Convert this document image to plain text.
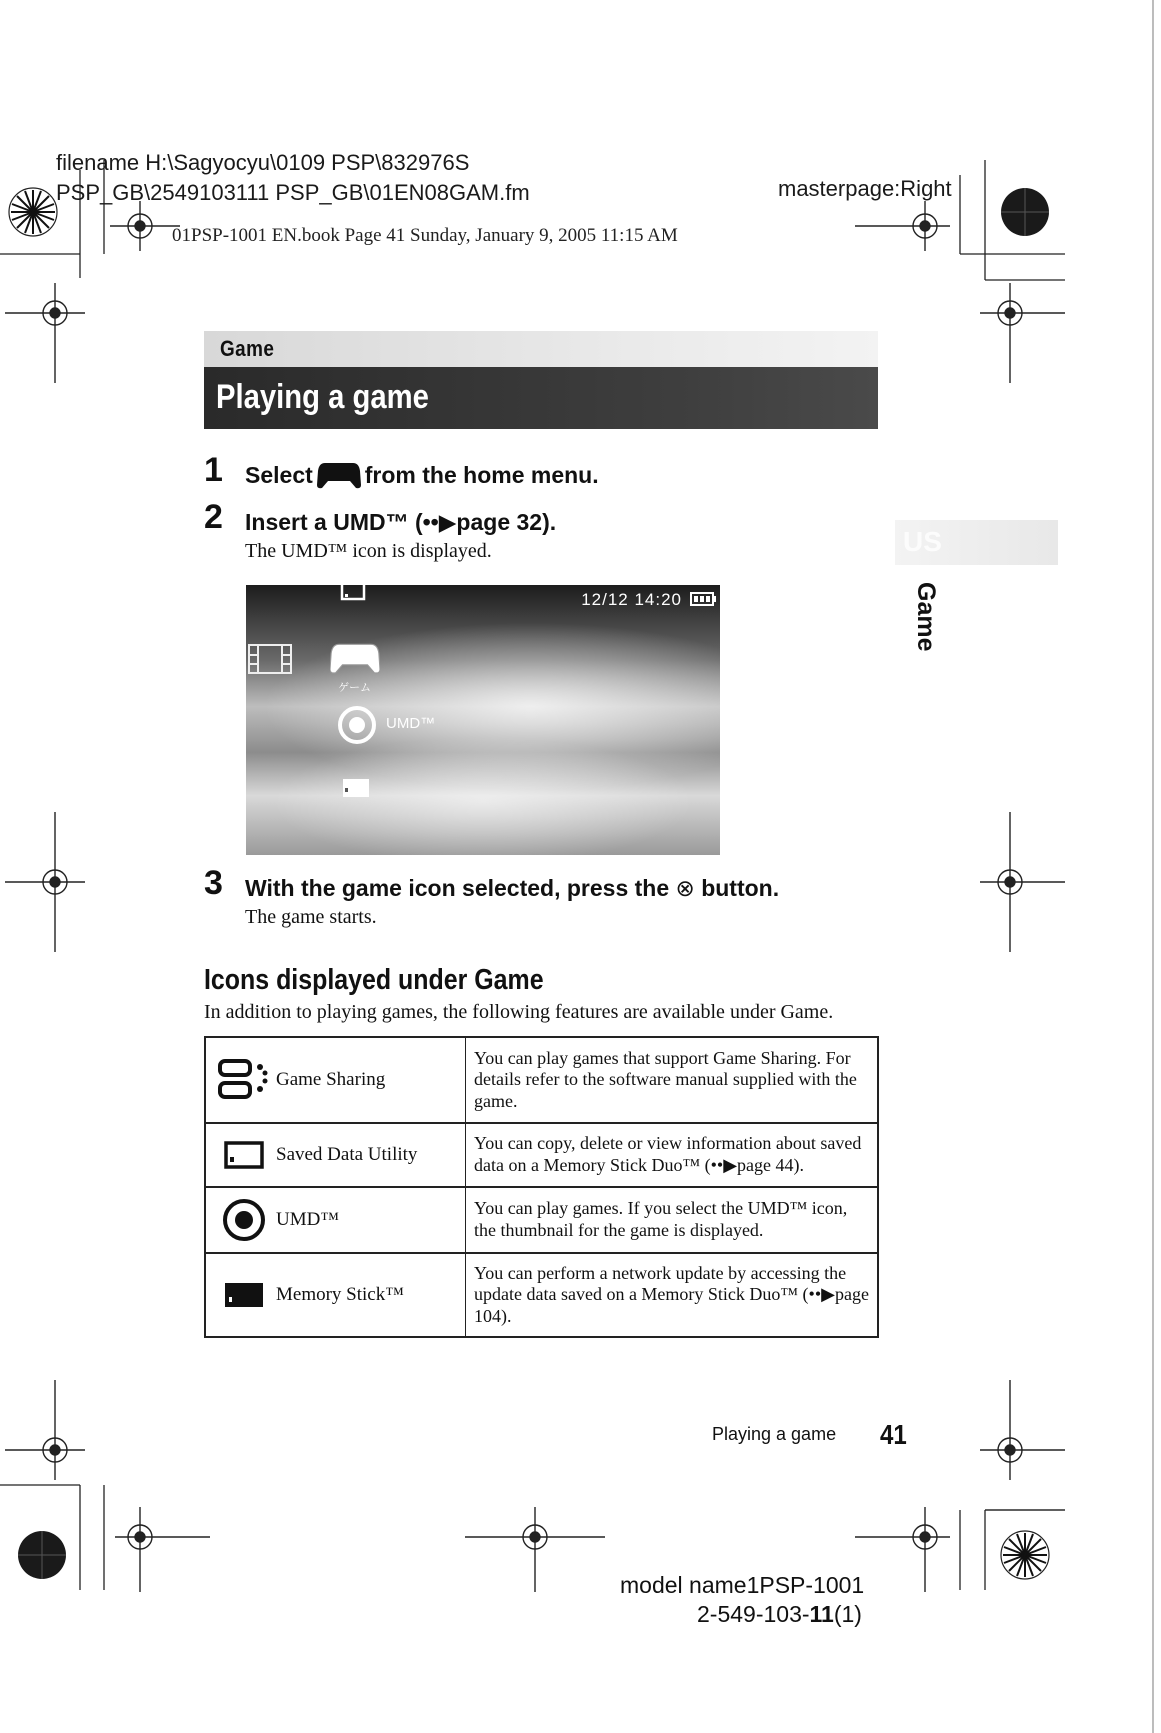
filename H:\Sagyocyu\0109 PSP\832976S
PSP_GB\2549103111 PSP_GB\01EN08GAM.fm	masterpage:Right
01PSP-1001 EN.book Page 41 Sunday, January 9, 2005 11:15 AM
Game
Playing a game
1 Select from the home menu.
2 Insert a UMD™ (••▶page 32).
The UMD™ icon is displayed.
12/12 14:20
ゲーム
UMD™
3 With the game icon selected, press the ⊗ button.
The game starts.
US
Game
Icons displayed under Game
In addition to playing games, the following features are available under Game.
Game Sharing	You can play games that support Game Sharing. For details refer to the software manual supplied with the game.

Saved Data Utility	You can copy, delete or view information about saved data on a Memory Stick Duo™ (••▶page 44).

UMD™	You can play games. If you select the UMD™ icon, the thumbnail for the game is displayed.

Memory Stick™	You can perform a network update by accessing the update data saved on a Memory Stick Duo™ (••▶page 104).
Playing a game 41
model name1PSP-1001
2-549-103-11(1)
